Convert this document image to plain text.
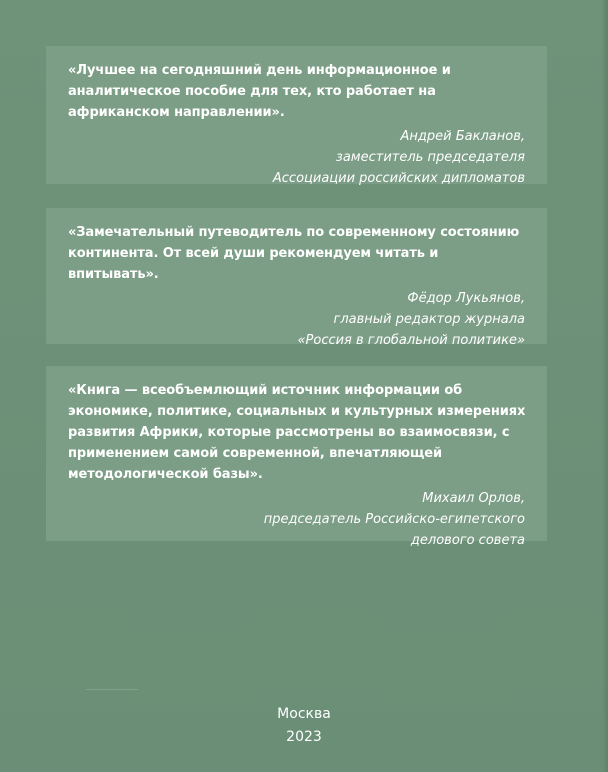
«Лучшее на сегодняшний день информационное и аналитическое пособие для тех, кто работает на африканском направлении».

Андрей Бакланов,
заместитель председателя
Ассоциации российских дипломатов

«Замечательный путеводитель по современному состоянию континента. От всей души рекомендуем читать и впитывать».

Фёдор Лукьянов,
главный редактор журнала
«Россия в глобальной политике»

«Книга — всеобъемлющий источник информации об экономике, политике, социальных и культурных измерениях развития Африки, которые рассмотрены во взаимосвязи, с применением самой современной, впечатляющей методологической базы».

Михаил Орлов,
председатель Российско-египетского
делового совета
Москва
2023
